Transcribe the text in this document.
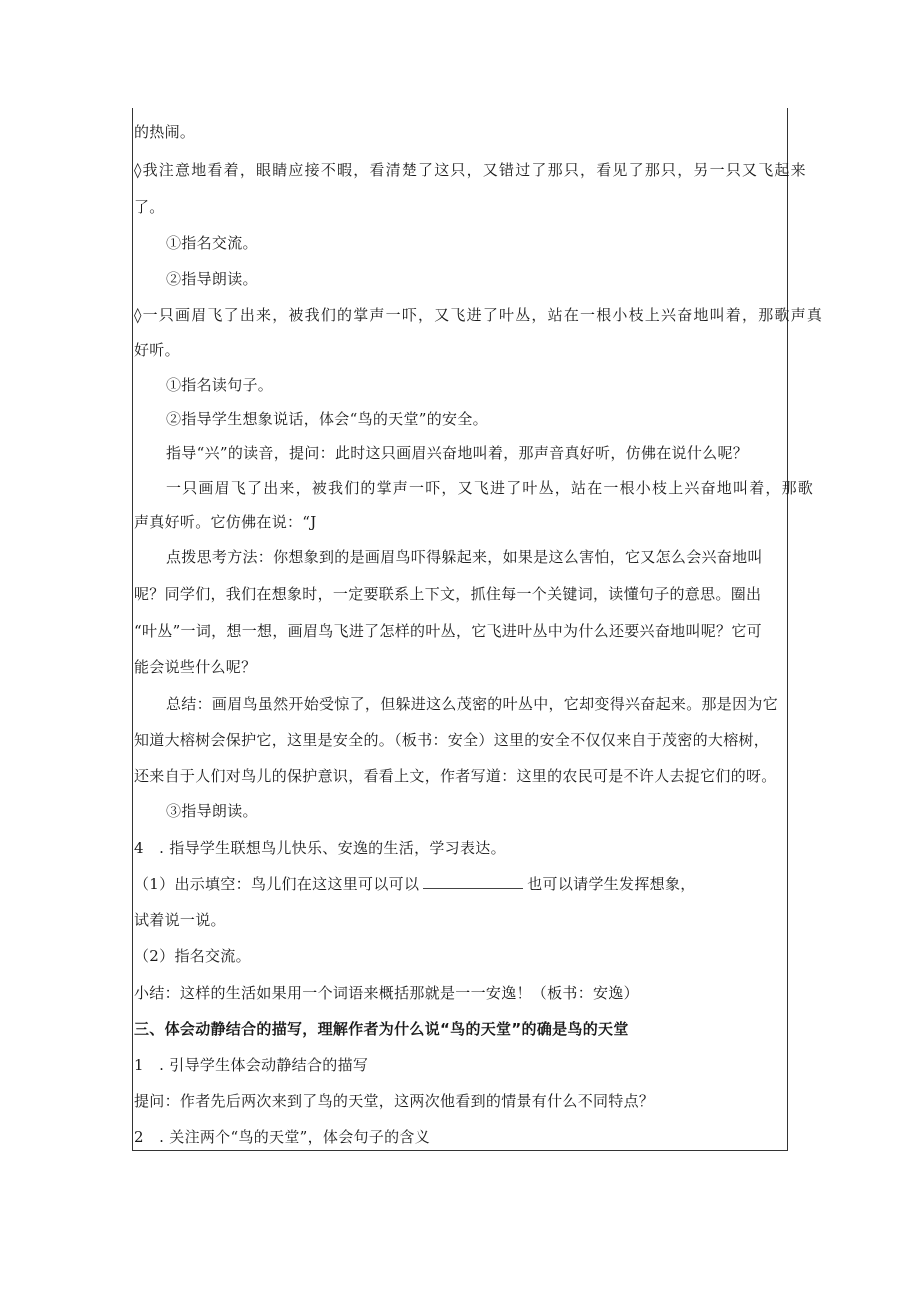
的热闹。
◊我注意地看着，眼睛应接不暇，看清楚了这只，又错过了那只，看见了那只，另一只又飞起来
了。
①指名交流。
②指导朗读。
◊一只画眉飞了出来，被我们的掌声一吓，又飞进了叶丛，站在一根小枝上兴奋地叫着，那歌声真
好听。
①指名读句子。
②指导学生想象说话，体会“鸟的天堂”的安全。
指导“兴”的读音，提问：此时这只画眉兴奋地叫着，那声音真好听，仿佛在说什么呢？
一只画眉飞了出来，被我们的掌声一吓，又飞进了叶丛，站在一根小枝上兴奋地叫着，那歌
声真好听。它仿佛在说：“J
点拨思考方法：你想象到的是画眉鸟吓得躲起来，如果是这么害怕，它又怎么会兴奋地叫
呢？同学们，我们在想象时，一定要联系上下文，抓住每一个关键词，读懂句子的意思。圈出
“叶丛”一词，想一想，画眉鸟飞进了怎样的叶丛，它飞进叶丛中为什么还要兴奋地叫呢？它可
能会说些什么呢？
总结：画眉鸟虽然开始受惊了，但躲进这么茂密的叶丛中，它却变得兴奋起来。那是因为它
知道大榕树会保护它，这里是安全的。（板书：安全）这里的安全不仅仅来自于茂密的大榕树，
还来自于人们对鸟儿的保护意识，看看上文，作者写道：这里的农民可是不许人去捉它们的呀。
③指导朗读。
4　. 指导学生联想鸟儿快乐、安逸的生活，学习表达。
（1）出示填空：鸟儿们在这这里可以可以	也可以请学生发挥想象，
试着说一说。
（2）指名交流。
小结：这样的生活如果用一个词语来概括那就是一一安逸！（板书：安逸）
三、体会动静结合的描写，理解作者为什么说“鸟的天堂”的确是鸟的天堂
1　. 引导学生体会动静结合的描写
提问：作者先后两次来到了鸟的天堂，这两次他看到的情景有什么不同特点？
2　. 关注两个“鸟的天堂”，体会句子的含义
